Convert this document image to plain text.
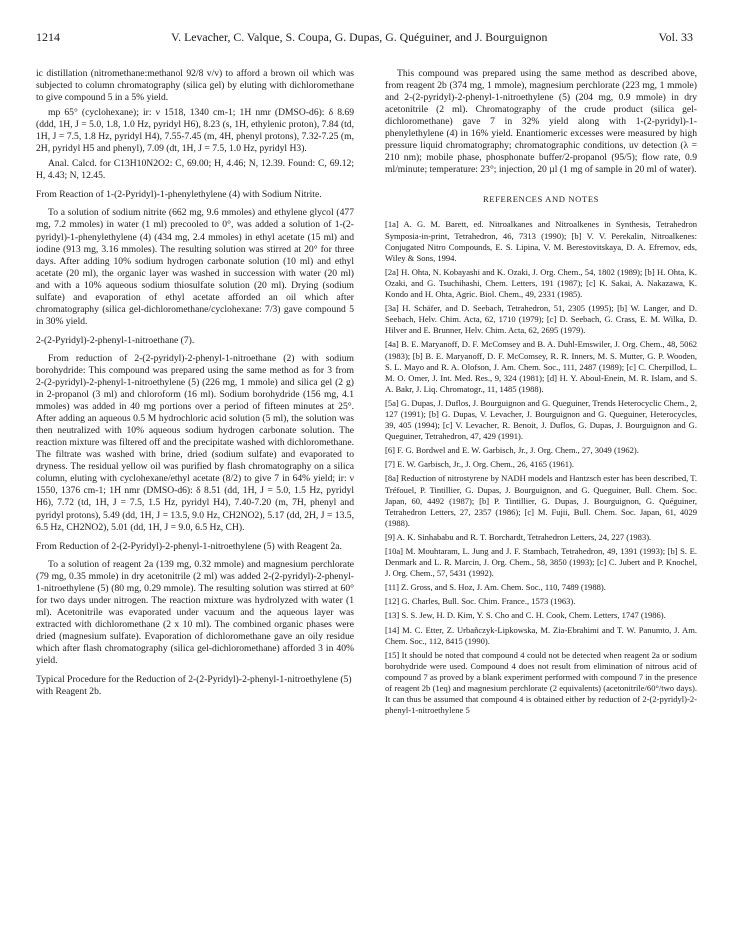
1214	V. Levacher, C. Valque, S. Coupa, G. Dupas, G. Quéguiner, and J. Bourguignon	Vol. 33

ic distillation (nitromethane:methanol 92/8 v/v) to afford a brown oil which was subjected to column chromatography (silica gel) by eluting with dichloromethane to give compound 5 in a 5% yield.

mp 65° (cyclohexane); ir: ν 1518, 1340 cm-1; 1H nmr (DMSO-d6): δ 8.69 (ddd, 1H, J = 5.0, 1.8, 1.0 Hz, pyridyl H6), 8.23 (s, 1H, ethylenic proton), 7.84 (td, 1H, J = 7.5, 1.8 Hz, pyridyl H4), 7.55-7.45 (m, 4H, phenyl protons), 7.32-7.25 (m, 2H, pyridyl H5 and phenyl), 7.09 (dt, 1H, J = 7.5, 1.0 Hz, pyridyl H3).

Anal. Calcd. for C13H10N2O2: C, 69.00; H, 4.46; N, 12.39. Found: C, 69.12; H, 4.43; N, 12.45.

From Reaction of 1-(2-Pyridyl)-1-phenylethylene (4) with Sodium Nitrite.

To a solution of sodium nitrite (662 mg, 9.6 mmoles) and ethylene glycol (477 mg, 7.2 mmoles) in water (1 ml) precooled to 0°, was added a solution of 1-(2-pyridyl)-1-phenylethylene (4) (434 mg, 2.4 mmoles) in ethyl acetate (15 ml) and iodine (913 mg, 3.16 mmoles). The resulting solution was stirred at 20° for three days. After adding 10% sodium hydrogen carbonate solution (10 ml) and ethyl acetate (20 ml), the organic layer was washed in succession with water (20 ml) and with a 10% aqueous sodium thiosulfate solution (20 ml). Drying (sodium sulfate) and evaporation of ethyl acetate afforded an oil which after chromatography (silica gel-dichloromethane/cyclohexane: 7/3) gave compound 5 in 30% yield.

2-(2-Pyridyl)-2-phenyl-1-nitroethane (7).

From reduction of 2-(2-pyridyl)-2-phenyl-1-nitroethane (2) with sodium borohydride: This compound was prepared using the same method as for 3 from 2-(2-pyridyl)-2-phenyl-1-nitroethylene (5) (226 mg, 1 mmole) and silica gel (2 g) in 2-propanol (3 ml) and chloroform (16 ml). Sodium borohydride (156 mg, 4.1 mmoles) was added in 40 mg portions over a period of fifteen minutes at 25°. After adding an aqueous 0.5 M hydrochloric acid solution (5 ml), the solution was then neutralized with 10% aqueous sodium hydrogen carbonate solution. The reaction mixture was filtered off and the precipitate washed with dichloromethane. The filtrate was washed with brine, dried (sodium sulfate) and evaporated to dryness. The residual yellow oil was purified by flash chromatography on a silica column, eluting with cyclohexane/ethyl acetate (8/2) to give 7 in 64% yield; ir: ν 1550, 1376 cm-1; 1H nmr (DMSO-d6): δ 8.51 (dd, 1H, J = 5.0, 1.5 Hz, pyridyl H6), 7.72 (td, 1H, J = 7.5, 1.5 Hz, pyridyl H4), 7.40-7.20 (m, 7H, phenyl and pyridyl protons), 5.49 (dd, 1H, J = 13.5, 9.0 Hz, CH2NO2), 5.17 (dd, 2H, J = 13.5, 6.5 Hz, CH2NO2), 5.01 (dd, 1H, J = 9.0, 6.5 Hz, CH).

From Reduction of 2-(2-Pyridyl)-2-phenyl-1-nitroethylene (5) with Reagent 2a.

To a solution of reagent 2a (139 mg, 0.32 mmole) and magnesium perchlorate (79 mg, 0.35 mmole) in dry acetonitrile (2 ml) was added 2-(2-pyridyl)-2-phenyl-1-nitroethylene (5) (80 mg, 0.29 mmole). The resulting solution was stirred at 60° for two days under nitrogen. The reaction mixture was hydrolyzed with water (1 ml). Acetonitrile was evaporated under vacuum and the aqueous layer was extracted with dichloromethane (2 x 10 ml). The combined organic phases were dried (magnesium sulfate). Evaporation of dichloromethane gave an oily residue which after flash chromatography (silica gel-dichloromethane) afforded 3 in 40% yield.

Typical Procedure for the Reduction of 2-(2-Pyridyl)-2-phenyl-1-nitroethylene (5) with Reagent 2b.

This compound was prepared using the same method as described above, from reagent 2b (374 mg, 1 mmole), magnesium perchlorate (223 mg, 1 mmole) and 2-(2-pyridyl)-2-phenyl-1-nitroethylene (5) (204 mg, 0.9 mmole) in dry acetonitrile (2 ml). Chromatography of the crude product (silica gel-dichloromethane) gave 7 in 32% yield along with 1-(2-pyridyl)-1-phenylethylene (4) in 16% yield. Enantiomeric excesses were measured by high pressure liquid chromatography; chromatographic conditions, uv detection (λ = 210 nm); mobile phase, phosphonate buffer/2-propanol (95/5); flow rate, 0.9 ml/minute; temperature: 23°; injection, 20 µl (1 mg of sample in 20 ml of water).

REFERENCES AND NOTES

[1a] A. G. M. Barett, ed. Nitroalkanes and Nitroalkenes in Synthesis, Tetrahedron Symposia-in-print, Tetrahedron, 46, 7313 (1990); [b] V. V. Perekalin, Nitroalkenes: Conjugated Nitro Compounds, E. S. Lipina, V. M. Berestovitskaya, D. A. Efremov, eds, Wiley & Sons, 1994.

[2a] H. Ohta, N. Kobayashi and K. Ozaki, J. Org. Chem., 54, 1802 (1989); [b] H. Ohta, K. Ozaki, and G. Tsuchihashi, Chem. Letters, 191 (1987); [c] K. Sakai, A. Nakazawa, K. Kondo and H. Ohta, Agric. Biol. Chem., 49, 2331 (1985).

[3a] H. Schäfer, and D. Seebach, Tetrahedron, 51, 2305 (1995); [b] W. Langer, and D. Seebach, Helv. Chim. Acta, 62, 1710 (1979); [c] D. Seebach, G. Crass, E. M. Wilka, D. Hilver and E. Brunner, Helv. Chim. Acta, 62, 2695 (1979).

[4a] B. E. Maryanoff, D. F. McComsey and B. A. Duhl-Emswiler, J. Org. Chem., 48, 5062 (1983); [b] B. E. Maryanoff, D. F. McComsey, R. R. Inners, M. S. Mutter, G. P. Wooden, S. L. Mayo and R. A. Olofson, J. Am. Chem. Soc., 111, 2487 (1989); [c] C. Cherpillod, L. M. O. Omer, J. Int. Med. Res., 9, 324 (1981); [d] H. Y. Aboul-Enein, M. R. Islam, and S. A. Bakr, J. Liq. Chromatogr., 11, 1485 (1988).

[5a] G. Dupas, J. Duflos, J. Bourguignon and G. Queguiner, Trends Heterocyclic Chem., 2, 127 (1991); [b] G. Dupas, V. Levacher, J. Bourguignon and G. Queguiner, Heterocycles, 39, 405 (1994); [c] V. Levacher, R. Benoit, J. Duflos, G. Dupas, J. Bourguignon and G. Queguiner, Tetrahedron, 47, 429 (1991).

[6] F. G. Bordwel and E. W. Garbisch, Jr., J. Org. Chem., 27, 3049 (1962).

[7] E. W. Garbisch, Jr., J. Org. Chem., 26, 4165 (1961).

[8a] Reduction of nitrostyrene by NADH models and Hantzsch ester has been described, T. Tréfouel, P. Tintillier, G. Dupas, J. Bourguignon, and G. Queguiner, Bull. Chem. Soc. Japan, 60, 4492 (1987); [b] P. Tintillier, G. Dupas, J. Bourguignon, G. Quéguiner, Tetrahedron Letters, 27, 2357 (1986); [c] M. Fujii, Bull. Chem. Soc. Japan, 61, 4029 (1988).

[9] A. K. Sinhababu and R. T. Borchardt, Tetrahedron Letters, 24, 227 (1983).

[10a] M. Mouhtaram, L. Jung and J. F. Stambach, Tetrahedron, 49, 1391 (1993); [b] S. E. Denmark and L. R. Marcin, J. Org. Chem., 58, 3850 (1993); [c] C. Jubert and P. Knochel, J. Org. Chem., 57, 5431 (1992).

[11] Z. Gross, and S. Hoz, J. Am. Chem. Soc., 110, 7489 (1988).

[12] G. Charles, Bull. Soc. Chim. France., 1573 (1963).

[13] S. S. Jew, H. D. Kim, Y. S. Cho and C. H. Cook, Chem. Letters, 1747 (1986).

[14] M. C. Etter, Z. Urbañczyk-Lipkowska, M. Zia-Ebrahimi and T. W. Panumto, J. Am. Chem. Soc., 112, 8415 (1990).

[15] It should be noted that compound 4 could not be detected when reagent 2a or sodium borohydride were used. Compound 4 does not result from elimination of nitrous acid of compound 7 as proved by a blank experiment performed with compound 7 in the presence of reagent 2b (1eq) and magnesium perchlorate (2 equivalents) (acetonitrile/60°/two days). It can thus be assumed that compound 4 is obtained either by reduction of 2-(2-pyridyl)-2-phenyl-1-nitroethylene 5
